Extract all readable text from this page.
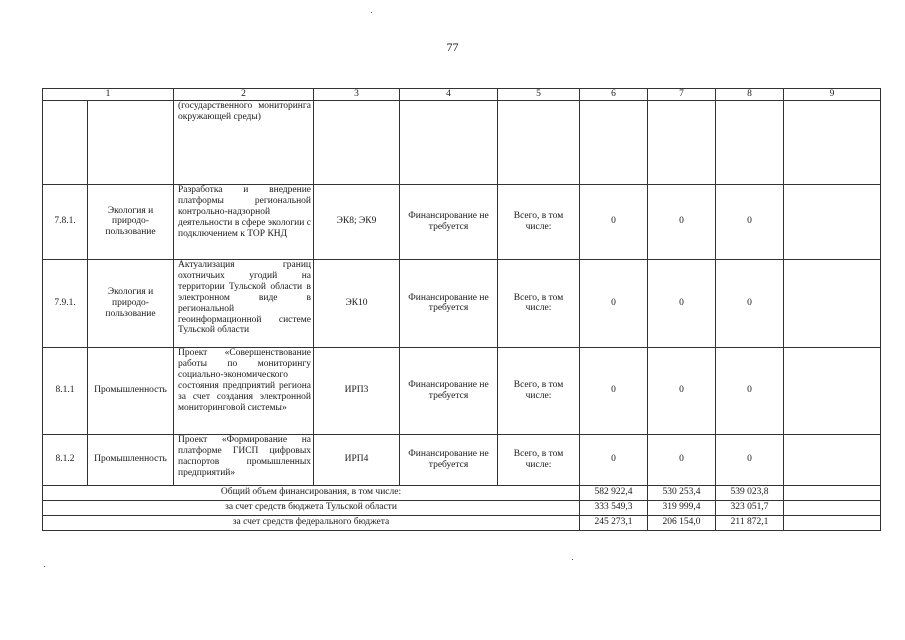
77
1		2	3	4	5	6	7	8	9
		(государственного мониторинга окружающей среды)							
7.8.1.	Экология и природо-пользование	Разработка и внедрение платформы региональной контрольно-надзорной деятельности в сфере экологии с подключением к ТОР КНД	ЭК8; ЭК9	Финансирование не требуется	Всего, в том числе:	0	0	0	
7.9.1.	Экология и природо-пользование	Актуализация границ охотничьих угодий на территории Тульской области в электронном виде в региональной геоинформационной системе Тульской области	ЭК10	Финансирование не требуется	Всего, в том числе:	0	0	0	
8.1.1	Промышленность	Проект «Совершенствование работы по мониторингу социально-экономического состояния предприятий региона за счет создания электронной мониторинговой системы»	ИРП3	Финансирование не требуется	Всего, в том числе:	0	0	0	
8.1.2	Промышленность	Проект «Формирование на платформе ГИСП цифровых паспортов промышленных предприятий»	ИРП4	Финансирование не требуется	Всего, в том числе:	0	0	0	
Общий объем финансирования, в том числе:						582 922,4	530 253,4	539 023,8	
за счет средств бюджета Тульской области						333 549,3	319 999,4	323 051,7	
за счет средств федерального бюджета						245 273,1	206 154,0	211 872,1	
